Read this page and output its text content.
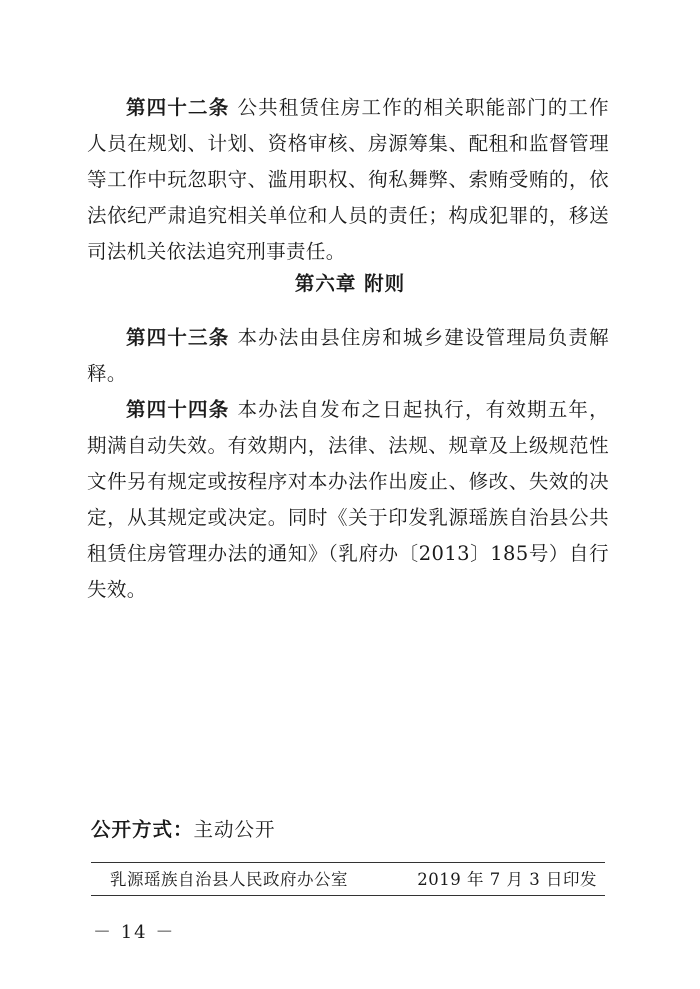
第四十二条 公共租赁住房工作的相关职能部门的工作人员在规划、计划、资格审核、房源筹集、配租和监督管理等工作中玩忽职守、滥用职权、徇私舞弊、索贿受贿的，依法依纪严肃追究相关单位和人员的责任；构成犯罪的，移送司法机关依法追究刑事责任。

第六章 附则

第四十三条 本办法由县住房和城乡建设管理局负责解释。

第四十四条 本办法自发布之日起执行，有效期五年，期满自动失效。有效期内，法律、法规、规章及上级规范性文件另有规定或按程序对本办法作出废止、修改、失效的决定，从其规定或决定。同时《关于印发乳源瑶族自治县公共租赁住房管理办法的通知》（乳府办〔2013〕185号）自行失效。

公开方式：主动公开
乳源瑶族自治县人民政府办公室	2019 年 7 月 3 日印发
－ 14 －
